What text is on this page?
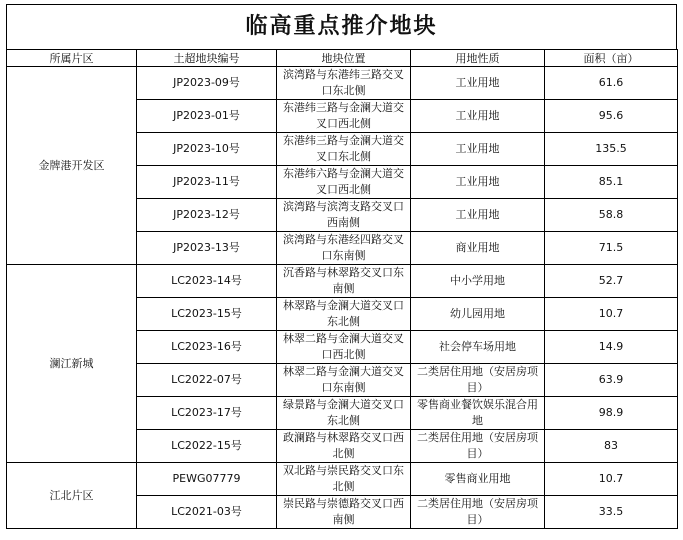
临高重点推介地块
所属片区	土超地块编号	地块位置	用地性质	面积（亩）
金牌港开发区	JP2023-09号	滨湾路与东港纬三路交叉口东北侧	工业用地	61.6
	JP2023-01号	东港纬三路与金澜大道交叉口西北侧	工业用地	95.6
	JP2023-10号	东港纬三路与金澜大道交叉口东北侧	工业用地	135.5
	JP2023-11号	东港纬六路与金澜大道交叉口西北侧	工业用地	85.1
	JP2023-12号	滨湾路与滨湾支路交叉口西南侧	工业用地	58.8
	JP2023-13号	滨湾路与东港经四路交叉口东南侧	商业用地	71.5
澜江新城	LC2023-14号	沉香路与林翠路交叉口东南侧	中小学用地	52.7
	LC2023-15号	林翠路与金澜大道交叉口东北侧	幼儿园用地	10.7
	LC2023-16号	林翠二路与金澜大道交叉口西北侧	社会停车场用地	14.9
	LC2022-07号	林翠二路与金澜大道交叉口东南侧	二类居住用地（安居房项目）	63.9
	LC2023-17号	绿景路与金澜大道交叉口东北侧	零售商业餐饮娱乐混合用地	98.9
	LC2022-15号	政澜路与林翠路交叉口西北侧	二类居住用地（安居房项目）	83
江北片区	PEWG07779	双北路与崇民路交叉口东北侧	零售商业用地	10.7
	LC2021-03号	崇民路与崇德路交叉口西南侧	二类居住用地（安居房项目）	33.5
